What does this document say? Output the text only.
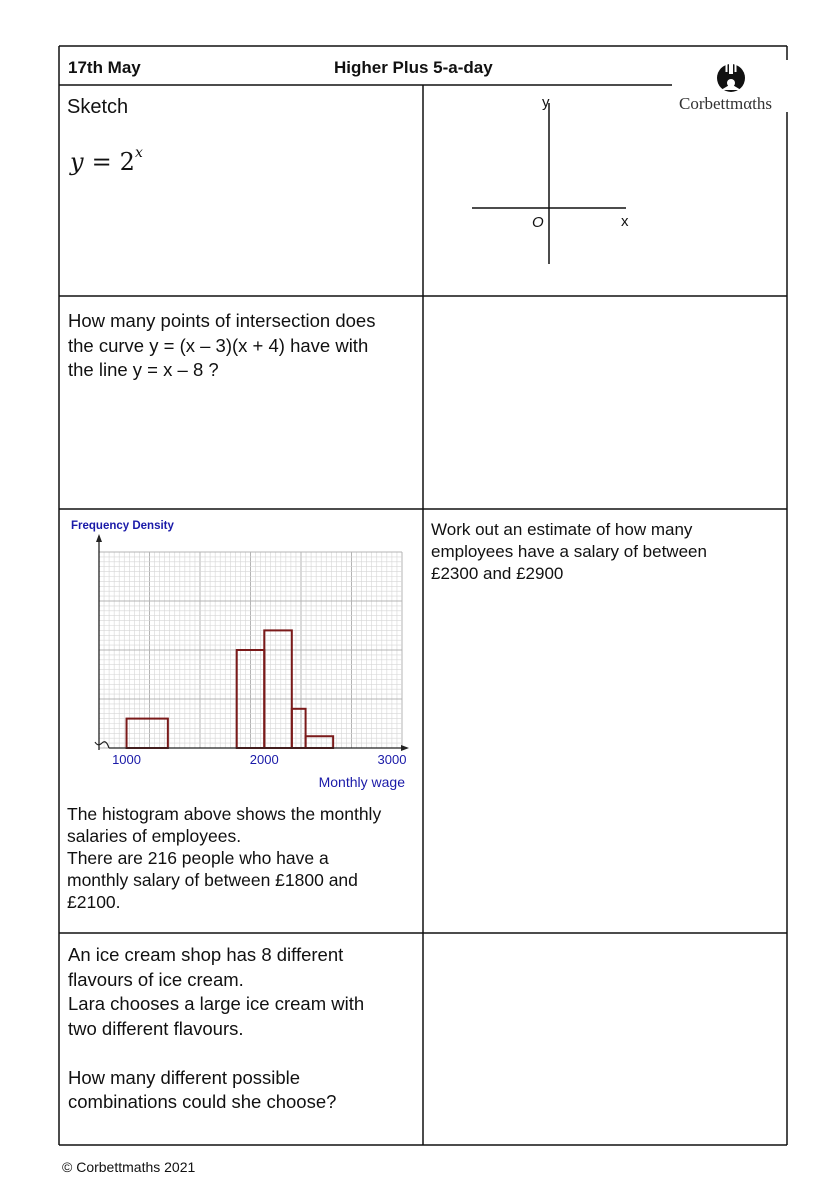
17th May	Higher Plus 5-a-day
Corbettmαths
Sketch
$y = 2^x$
y
x
O
How many points of intersection does
the curve y = (x – 3)(x + 4) have with
the line y = x – 8 ?
Frequency Density
Monthly wage
1000	2000	3000
The histogram above shows the monthly
salaries of employees.
There are 216 people who have a
monthly salary of between £1800 and
£2100.
Work out an estimate of how many
employees have a salary of between
£2300 and £2900
An ice cream shop has 8 different
flavours of ice cream.
Lara chooses a large ice cream with
two different flavours.
How many different possible
combinations could she choose?
© Corbettmaths 2021
